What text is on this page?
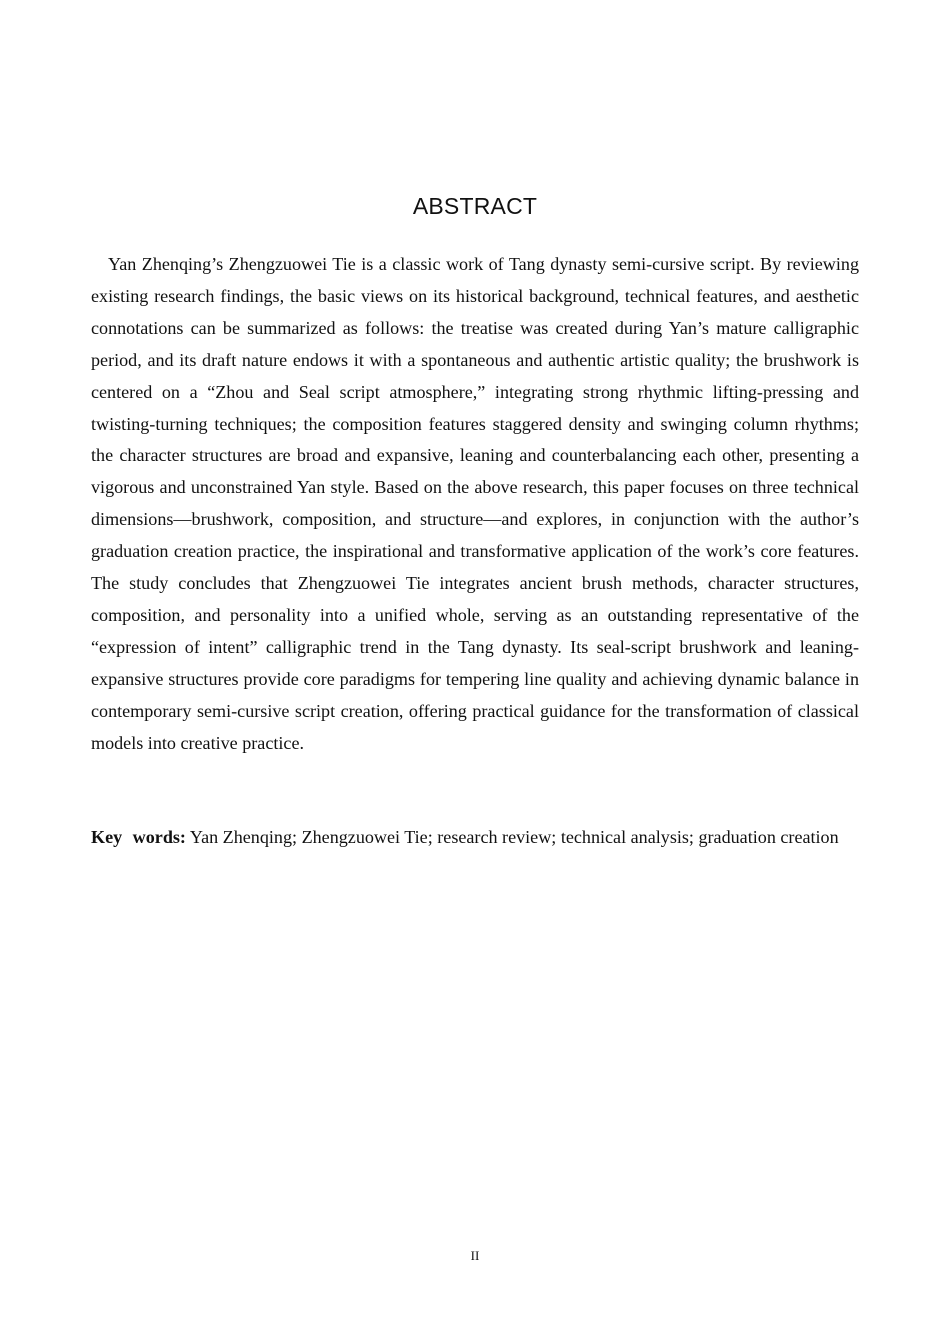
ABSTRACT

Yan Zhenqing’s Zhengzuowei Tie is a classic work of Tang dynasty semi-cursive script. By reviewing existing research findings, the basic views on its historical background, technical features, and aesthetic connotations can be summarized as follows: the treatise was created during Yan’s mature calligraphic period, and its draft nature endows it with a spontaneous and authentic artistic quality; the brushwork is centered on a “Zhou and Seal script atmosphere,” integrating strong rhythmic lifting-pressing and twisting-turning techniques; the composition features staggered density and swinging column rhythms; the character structures are broad and expansive, leaning and counterbalancing each other, presenting a vigorous and unconstrained Yan style. Based on the above research, this paper focuses on three technical dimensions—brushwork, composition, and structure—and explores, in conjunction with the author’s graduation creation practice, the inspirational and transformative application of the work’s core features. The study concludes that Zhengzuowei Tie integrates ancient brush methods, character structures, composition, and personality into a unified whole, serving as an outstanding representative of the “expression of intent” calligraphic trend in the Tang dynasty. Its seal-script brushwork and leaning-expansive structures provide core paradigms for tempering line quality and achieving dynamic balance in contemporary semi-cursive script creation, offering practical guidance for the transformation of classical models into creative practice.

Key words: Yan Zhenqing; Zhengzuowei Tie; research review; technical analysis; graduation creation

II
